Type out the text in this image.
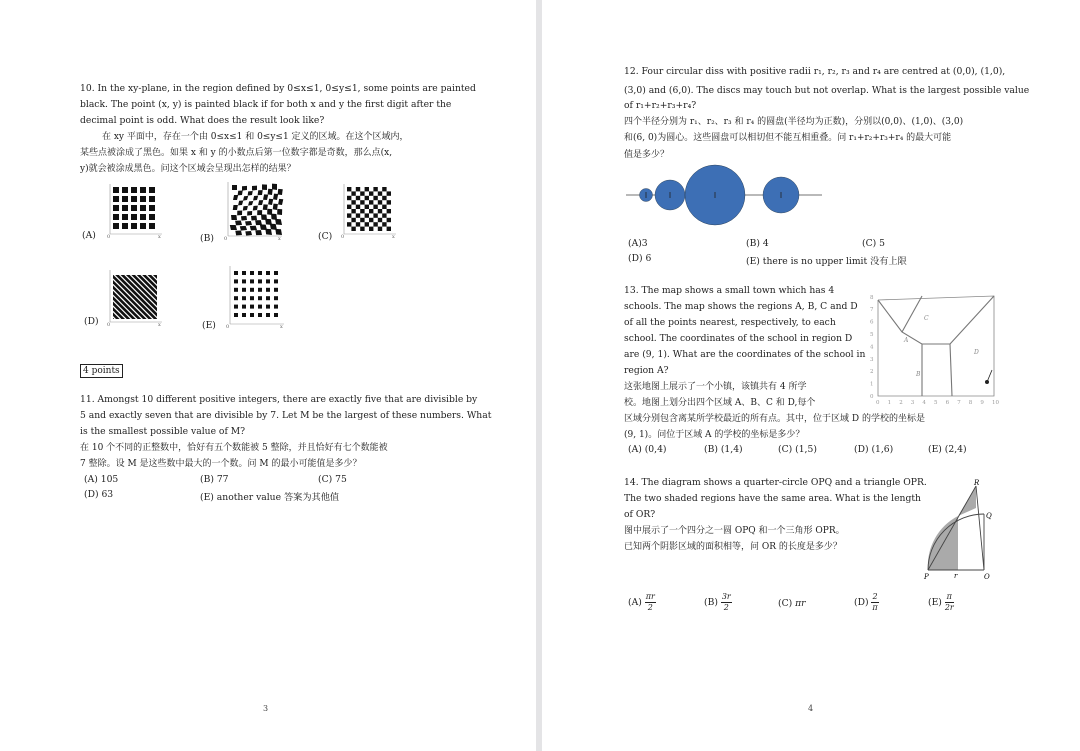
10. In the xy-plane, in the region defined by 0≤x≤1, 0≤y≤1, some points are painted
black. The point (x, y) is painted black if for both x and y the first digit after the
decimal point is odd. What does the result look like?
在 xy 平面中，存在一个由 0≤x≤1 和 0≤y≤1 定义的区域。在这个区域内，
某些点被涂成了黑色。如果 x 和 y 的小数点后第一位数字都是奇数，那么点(x,
y)就会被涂成黑色。问这个区域会呈现出怎样的结果？
(A) 0	x	(B) 0	x	(C) 0	x
(D) 0	x	(E) 0	x
4 points
11. Amongst 10 different positive integers, there are exactly five that are divisible by
5 and exactly seven that are divisible by 7. Let M be the largest of these numbers. What
is the smallest possible value of M?
在 10 个不同的正整数中，恰好有五个数能被 5 整除，并且恰好有七个数能被
7 整除。设 M 是这些数中最大的一个数。问 M 的最小可能值是多少？
(A) 105	(B) 77	(C) 75
(D) 63	(E) another value 答案为其他值
3
12. Four circular diss with positive radii r₁, r₂, r₃ and r₄ are centred at (0,0), (1,0),
(3,0) and (6,0). The discs may touch but not overlap. What is the largest possible value
of r₁+r₂+r₃+r₄?
四个半径分别为 r₁、r₂、r₃ 和 r₄ 的圆盘(半径均为正数)，分别以(0,0)、(1,0)、(3,0)
和(6, 0)为圆心。这些圆盘可以相切但不能互相重叠。问 r₁+r₂+r₃+r₄ 的最大可能
值是多少？
(A)3	(B) 4	(C) 5
(D) 6	(E) there is no upper limit 没有上限
13. The map shows a small town which has 4
schools. The map shows the regions A, B, C and D
of all the points nearest, respectively, to each
school. The coordinates of the school in region D
are (9, 1). What are the coordinates of the school in
region A?
这张地图上展示了一个小镇，该镇共有 4 所学
校。地图上划分出四个区域 A、B、C 和 D,每个
区域分别包含离某所学校最近的所有点。其中，位于区域 D 的学校的坐标是
(9, 1)。问位于区域 A 的学校的坐标是多少？
0
1
2
3
4
5
6
7
8
0 1 2 3 4 5 6 7 8 9 10
A
B
C
D
(A) (0,4)	(B) (1,4)	(C) (1,5)	(D) (1,6)	(E) (2,4)
14. The diagram shows a quarter-circle OPQ and a triangle OPR.
The two shaded regions have the same area. What is the length
of OR?
图中展示了一个四分之一圆 OPQ 和一个三角形 OPR。
已知两个阴影区域的面积相等，问 OR 的长度是多少？
R
Q
P	r	O
$(A) \frac{\pi r}{2}$	$(B) \frac{3r}{2}$	(C) πr	$(D) \frac{2}{\pi}$	$(E) \frac{\pi}{2r}$
4
